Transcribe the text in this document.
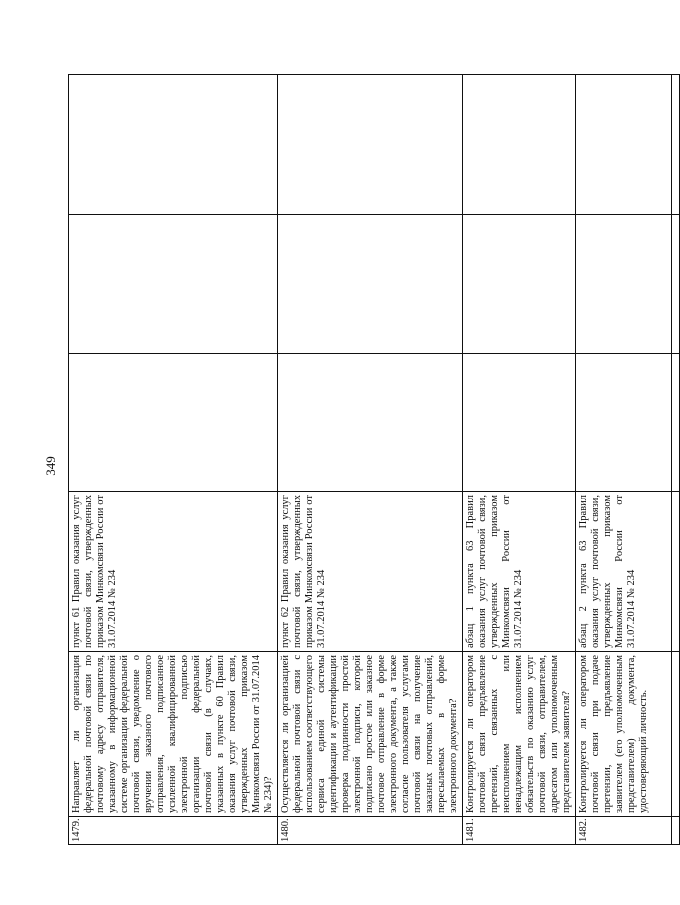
349
1479.	Направляет ли организация федеральной почтовой связи по почтовому адресу отправителя, указанному в информационной системе организации федеральной почтовой связи, уведомление о вручении заказного почтового отправления, подписанное усиленной квалифицированной электронной подписью организации федеральной почтовой связи (в случаях, указанных в пункте 60 Правил оказания услуг почтовой связи, утвержденных приказом Минкомсвязи России от 31.07.2014 № 234)?	пункт 61 Правил оказания услуг почтовой связи, утвержденных приказом Минкомсвязи России от 31.07.2014 № 234			
1480.	Осуществляется ли организацией федеральной почтовой связи с использованием соответствующего сервиса единой системы идентификации и аутентификации проверка подлинности простой электронной подписи, которой подписано простое или заказное почтовое отправление в форме электронного документа, а также согласие пользователя услугами почтовой связи на получение заказных почтовых отправлений, пересылаемых в форме электронного документа?	пункт 62 Правил оказания услуг почтовой связи, утвержденных приказом Минкомсвязи России от 31.07.2014 № 234			
1481.	Контролируется ли оператором почтовой связи предъявление претензий, связанных с неисполнением или ненадлежащим исполнением обязательств по оказанию услуг почтовой связи, отправителем, адресатом или уполномоченным представителем заявителя?	абзац 1 пункта 63 Правил оказания услуг почтовой связи, утвержденных приказом Минкомсвязи России от 31.07.2014 № 234			
1482.	Контролируется ли оператором почтовой связи при подаче претензии, предъявление заявителем (его уполномоченным представителем) документа, удостоверяющий личность.	абзац 2 пункта 63 Правил оказания услуг почтовой связи, утвержденных приказом Минкомсвязи России от 31.07.2014 № 234			
